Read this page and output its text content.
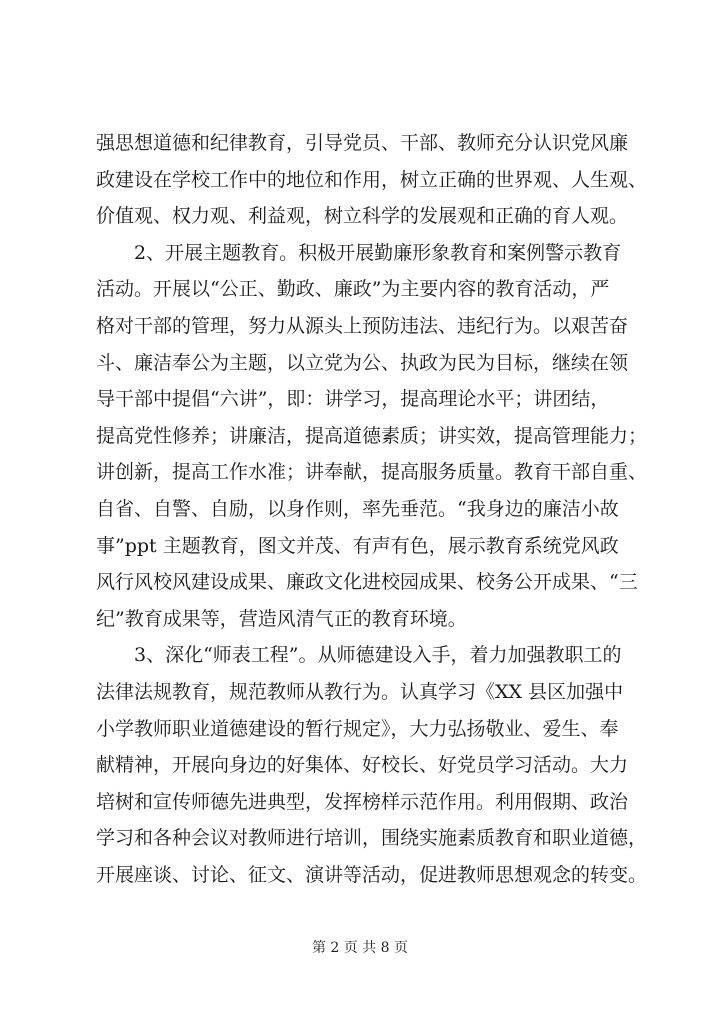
强思想道德和纪律教育，引导党员、干部、教师充分认识党风廉
政建设在学校工作中的地位和作用，树立正确的世界观、人生观、
价值观、权力观、利益观，树立科学的发展观和正确的育人观。
2、开展主题教育。积极开展勤廉形象教育和案例警示教育
活动。开展以“公正、勤政、廉政”为主要内容的教育活动，严
格对干部的管理，努力从源头上预防违法、违纪行为。以艰苦奋
斗、廉洁奉公为主题，以立党为公、执政为民为目标，继续在领
导干部中提倡“六讲”，即：讲学习，提高理论水平；讲团结，
提高党性修养；讲廉洁，提高道德素质；讲实效，提高管理能力；
讲创新，提高工作水准；讲奉献，提高服务质量。教育干部自重、
自省、自警、自励，以身作则，率先垂范。“我身边的廉洁小故
事”ppt 主题教育，图文并茂、有声有色，展示教育系统党风政
风行风校风建设成果、廉政文化进校园成果、校务公开成果、“三
纪”教育成果等，营造风清气正的教育环境。
3、深化“师表工程”。从师德建设入手，着力加强教职工的
法律法规教育，规范教师从教行为。认真学习《XX 县区加强中
小学教师职业道德建设的暂行规定》，大力弘扬敬业、爱生、奉
献精神，开展向身边的好集体、好校长、好党员学习活动。大力
培树和宣传师德先进典型，发挥榜样示范作用。利用假期、政治
学习和各种会议对教师进行培训，围绕实施素质教育和职业道德，
开展座谈、讨论、征文、演讲等活动，促进教师思想观念的转变。
第 2 页 共 8 页
